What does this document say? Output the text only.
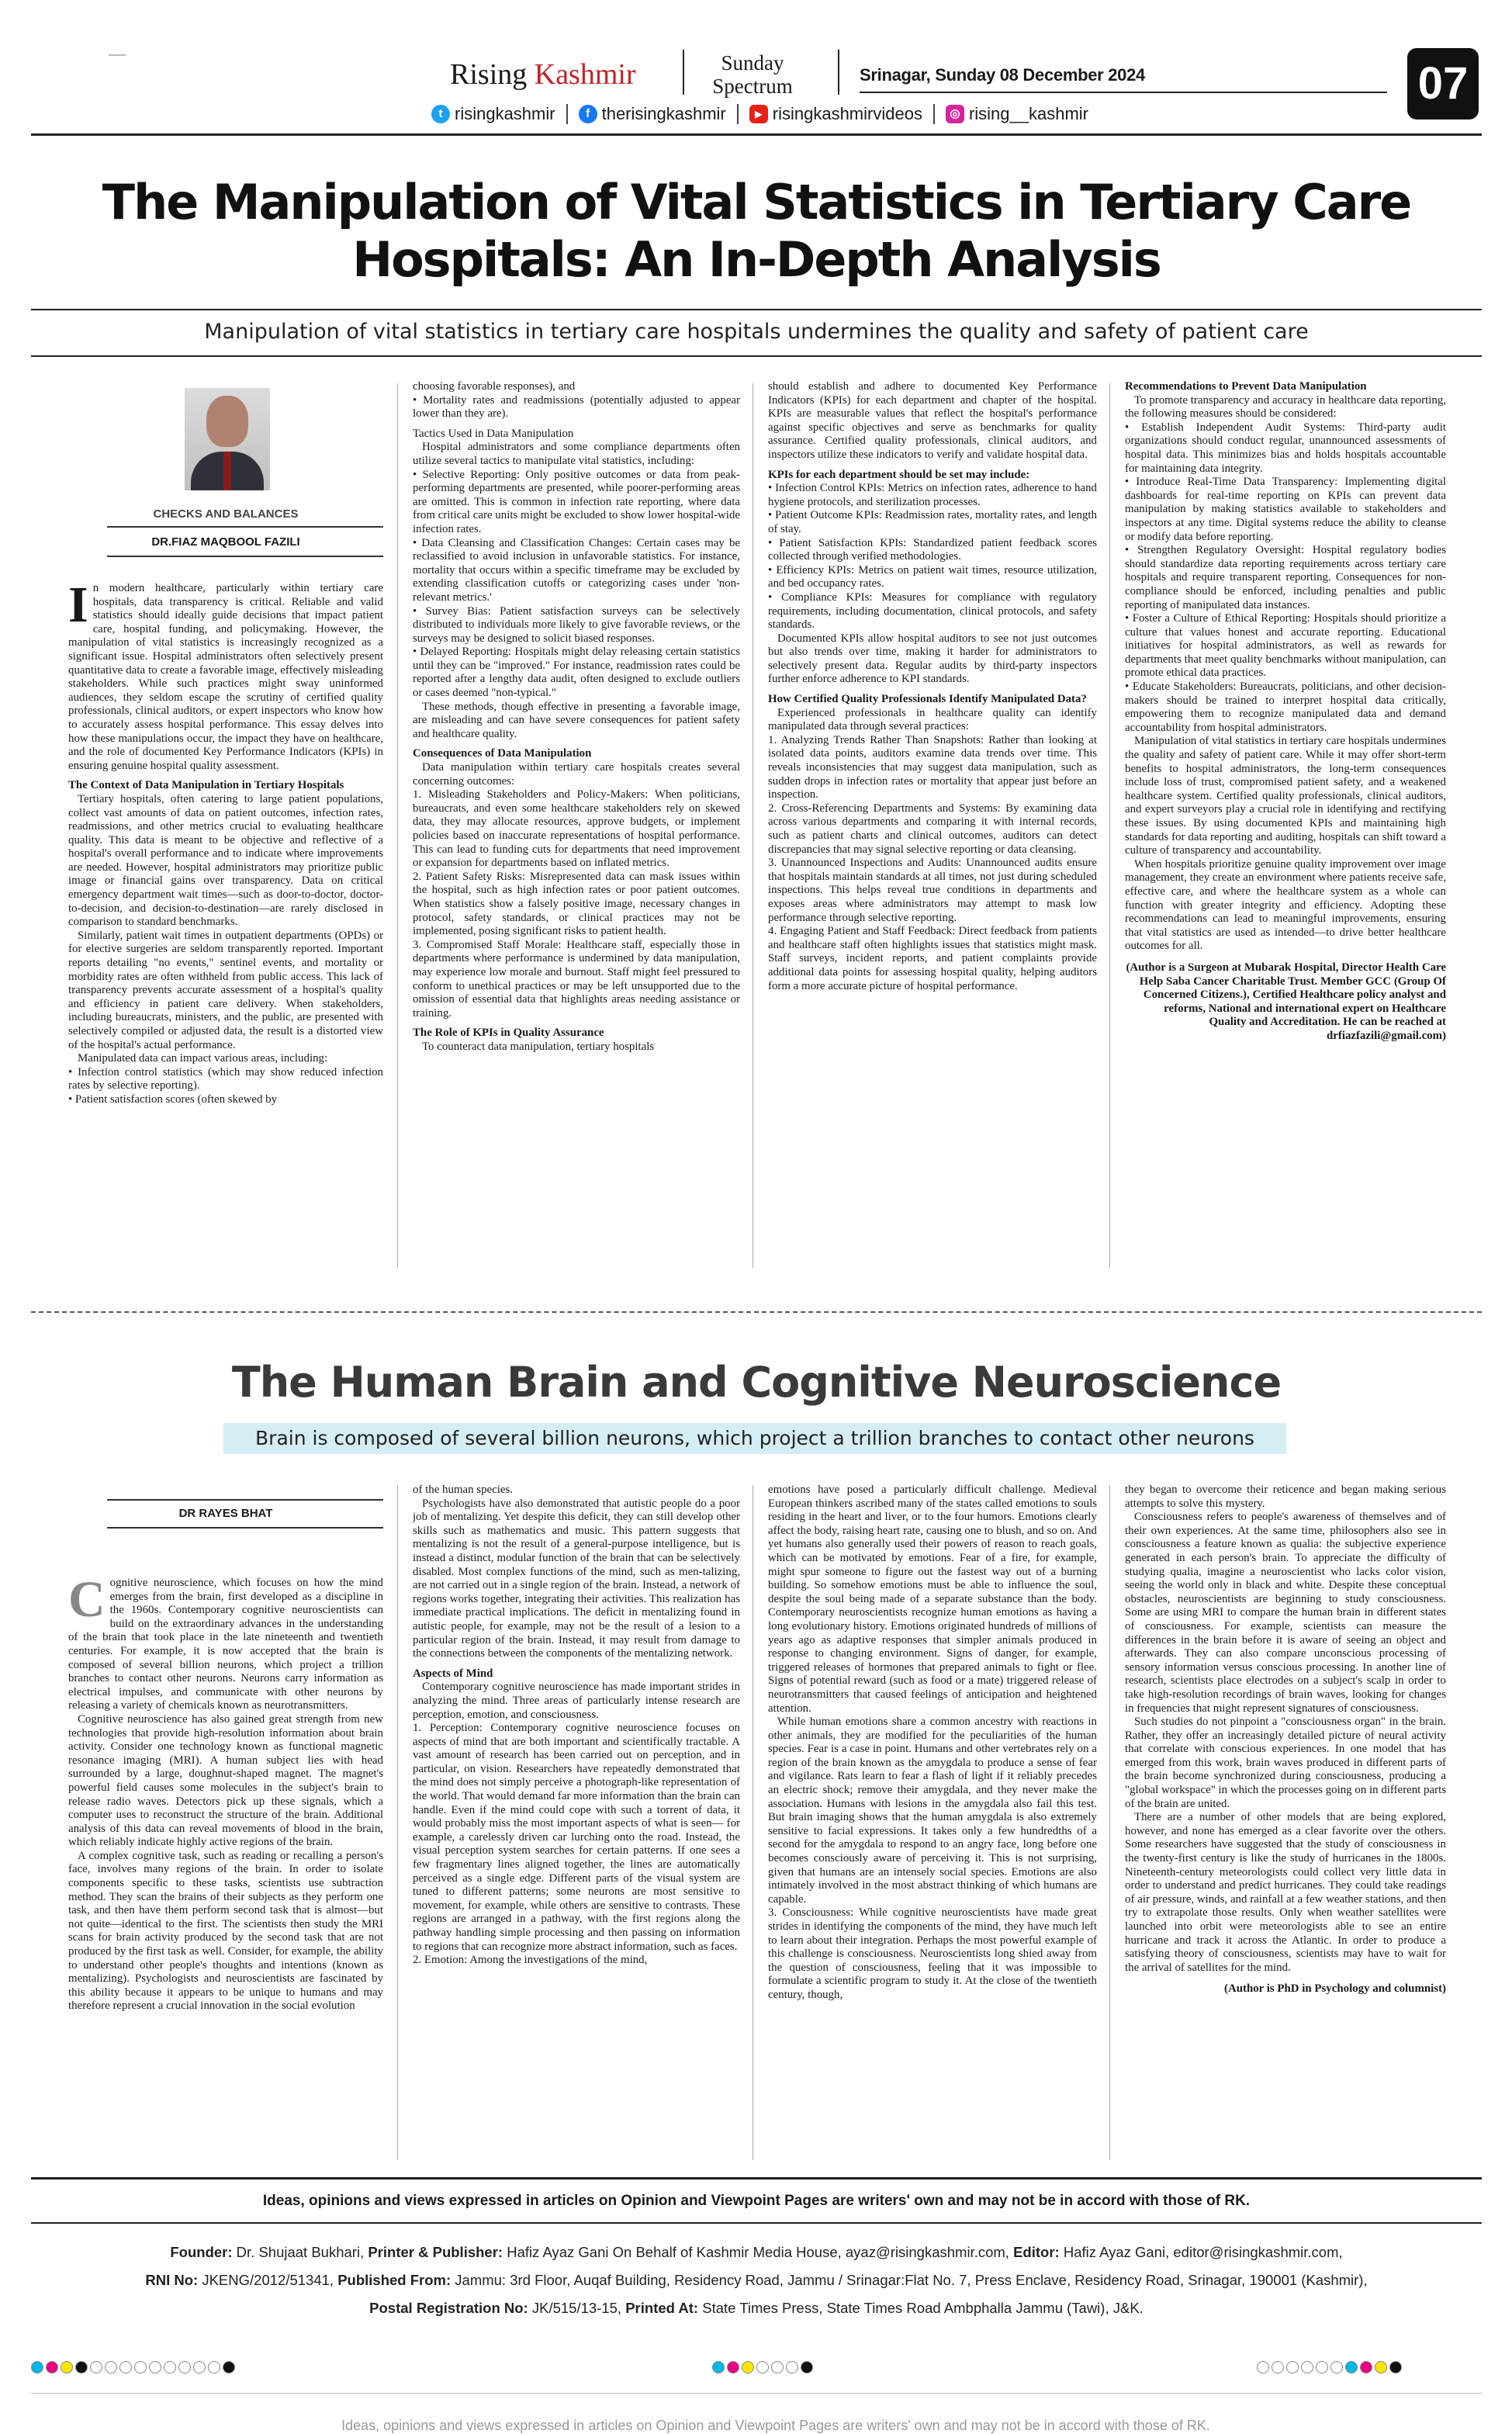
Rising Kashmir	Sunday
Spectrum	Srinagar, Sunday 08 December 2024	07
t risingkashmir	f therisingkashmir	▶ risingkashmirvideos	◎ rising__kashmir
The Manipulation of Vital Statistics in Tertiary Care
Hospitals: An In-Depth Analysis
Manipulation of vital statistics in tertiary care hospitals undermines the quality and safety of patient care
CHECKS AND BALANCES
DR.FIAZ MAQBOOL FAZILI

In modern healthcare, particularly within tertiary care hospitals, data transparency is critical. Reliable and valid statistics should ideally guide decisions that impact patient care, hospital funding, and policymaking. However, the manipulation of vital statistics is increasingly recognized as a significant issue. Hospital administrators often selectively present quantitative data to create a favorable image, effectively misleading stakeholders. While such practices might sway uninformed audiences, they seldom escape the scrutiny of certified quality professionals, clinical auditors, or expert inspectors who know how to accurately assess hospital performance. This essay delves into how these manipulations occur, the impact they have on healthcare, and the role of documented Key Performance Indicators (KPIs) in ensuring genuine hospital quality assessment.

The Context of Data Manipulation in Tertiary Hospitals

Tertiary hospitals, often catering to large patient populations, collect vast amounts of data on patient outcomes, infection rates, readmissions, and other metrics crucial to evaluating healthcare quality. This data is meant to be objective and reflective of a hospital's overall performance and to indicate where improvements are needed. However, hospital administrators may prioritize public image or financial gains over transparency. Data on critical emergency department wait times—such as door-to-doctor, doctor-to-decision, and decision-to-destination—are rarely disclosed in comparison to standard benchmarks.

Similarly, patient wait times in outpatient departments (OPDs) or for elective surgeries are seldom transparently reported. Important reports detailing "no events," sentinel events, and mortality or morbidity rates are often withheld from public access. This lack of transparency prevents accurate assessment of a hospital's quality and efficiency in patient care delivery. When stakeholders, including bureaucrats, ministers, and the public, are presented with selectively compiled or adjusted data, the result is a distorted view of the hospital's actual performance.

Manipulated data can impact various areas, including:

• Infection control statistics (which may show reduced infection rates by selective reporting).

• Patient satisfaction scores (often skewed by

choosing favorable responses), and

• Mortality rates and readmissions (potentially adjusted to appear lower than they are).

Tactics Used in Data Manipulation

Hospital administrators and some compliance departments often utilize several tactics to manipulate vital statistics, including:

• Selective Reporting: Only positive outcomes or data from peak-performing departments are presented, while poorer-performing areas are omitted. This is common in infection rate reporting, where data from critical care units might be excluded to show lower hospital-wide infection rates.

• Data Cleansing and Classification Changes: Certain cases may be reclassified to avoid inclusion in unfavorable statistics. For instance, mortality that occurs within a specific timeframe may be excluded by extending classification cutoffs or categorizing cases under 'non-relevant metrics.'

• Survey Bias: Patient satisfaction surveys can be selectively distributed to individuals more likely to give favorable reviews, or the surveys may be designed to solicit biased responses.

• Delayed Reporting: Hospitals might delay releasing certain statistics until they can be "improved." For instance, readmission rates could be reported after a lengthy data audit, often designed to exclude outliers or cases deemed "non-typical."

These methods, though effective in presenting a favorable image, are misleading and can have severe consequences for patient safety and healthcare quality.

Consequences of Data Manipulation

Data manipulation within tertiary care hospitals creates several concerning outcomes:

1. Misleading Stakeholders and Policy-Makers: When politicians, bureaucrats, and even some healthcare stakeholders rely on skewed data, they may allocate resources, approve budgets, or implement policies based on inaccurate representations of hospital performance. This can lead to funding cuts for departments that need improvement or expansion for departments based on inflated metrics.

2. Patient Safety Risks: Misrepresented data can mask issues within the hospital, such as high infection rates or poor patient outcomes. When statistics show a falsely positive image, necessary changes in protocol, safety standards, or clinical practices may not be implemented, posing significant risks to patient health.

3. Compromised Staff Morale: Healthcare staff, especially those in departments where performance is undermined by data manipulation, may experience low morale and burnout. Staff might feel pressured to conform to unethical practices or may be left unsupported due to the omission of essential data that highlights areas needing assistance or training.

The Role of KPIs in Quality Assurance

To counteract data manipulation, tertiary hospitals

should establish and adhere to documented Key Performance Indicators (KPIs) for each department and chapter of the hospital. KPIs are measurable values that reflect the hospital's performance against specific objectives and serve as benchmarks for quality assurance. Certified quality professionals, clinical auditors, and inspectors utilize these indicators to verify and validate hospital data.

KPIs for each department should be set may include:

• Infection Control KPIs: Metrics on infection rates, adherence to hand hygiene protocols, and sterilization processes.

• Patient Outcome KPIs: Readmission rates, mortality rates, and length of stay.

• Patient Satisfaction KPIs: Standardized patient feedback scores collected through verified methodologies.

• Efficiency KPIs: Metrics on patient wait times, resource utilization, and bed occupancy rates.

• Compliance KPIs: Measures for compliance with regulatory requirements, including documentation, clinical protocols, and safety standards.

Documented KPIs allow hospital auditors to see not just outcomes but also trends over time, making it harder for administrators to selectively present data. Regular audits by third-party inspectors further enforce adherence to KPI standards.

How Certified Quality Professionals Identify Manipulated Data?

Experienced professionals in healthcare quality can identify manipulated data through several practices:

1. Analyzing Trends Rather Than Snapshots: Rather than looking at isolated data points, auditors examine data trends over time. This reveals inconsistencies that may suggest data manipulation, such as sudden drops in infection rates or mortality that appear just before an inspection.

2. Cross-Referencing Departments and Systems: By examining data across various departments and comparing it with internal records, such as patient charts and clinical outcomes, auditors can detect discrepancies that may signal selective reporting or data cleansing.

3. Unannounced Inspections and Audits: Unannounced audits ensure that hospitals maintain standards at all times, not just during scheduled inspections. This helps reveal true conditions in departments and exposes areas where administrators may attempt to mask low performance through selective reporting.

4. Engaging Patient and Staff Feedback: Direct feedback from patients and healthcare staff often highlights issues that statistics might mask. Staff surveys, incident reports, and patient complaints provide additional data points for assessing hospital quality, helping auditors form a more accurate picture of hospital performance.

Recommendations to Prevent Data Manipulation

To promote transparency and accuracy in healthcare data reporting, the following measures should be considered:

• Establish Independent Audit Systems: Third-party audit organizations should conduct regular, unannounced assessments of hospital data. This minimizes bias and holds hospitals accountable for maintaining data integrity.

• Introduce Real-Time Data Transparency: Implementing digital dashboards for real-time reporting on KPIs can prevent data manipulation by making statistics available to stakeholders and inspectors at any time. Digital systems reduce the ability to cleanse or modify data before reporting.

• Strengthen Regulatory Oversight: Hospital regulatory bodies should standardize data reporting requirements across tertiary care hospitals and require transparent reporting. Consequences for non-compliance should be enforced, including penalties and public reporting of manipulated data instances.

• Foster a Culture of Ethical Reporting: Hospitals should prioritize a culture that values honest and accurate reporting. Educational initiatives for hospital administrators, as well as rewards for departments that meet quality benchmarks without manipulation, can promote ethical data practices.

• Educate Stakeholders: Bureaucrats, politicians, and other decision-makers should be trained to interpret hospital data critically, empowering them to recognize manipulated data and demand accountability from hospital administrators.

Manipulation of vital statistics in tertiary care hospitals undermines the quality and safety of patient care. While it may offer short-term benefits to hospital administrators, the long-term consequences include loss of trust, compromised patient safety, and a weakened healthcare system. Certified quality professionals, clinical auditors, and expert surveyors play a crucial role in identifying and rectifying these issues. By using documented KPIs and maintaining high standards for data reporting and auditing, hospitals can shift toward a culture of transparency and accountability.

When hospitals prioritize genuine quality improvement over image management, they create an environment where patients receive safe, effective care, and where the healthcare system as a whole can function with greater integrity and efficiency. Adopting these recommendations can lead to meaningful improvements, ensuring that vital statistics are used as intended—to drive better healthcare outcomes for all.

(Author is a Surgeon at Mubarak Hospital, Director Health Care Help Saba Cancer Charitable Trust. Member GCC (Group Of Concerned Citizens.), Certified Healthcare policy analyst and reforms, National and international expert on Healthcare Quality and Accreditation. He can be reached at drfiazfazili@gmail.com)

The Human Brain and Cognitive Neuroscience
Brain is composed of several billion neurons, which project a trillion branches to contact other neurons
DR RAYES BHAT

Cognitive neuroscience, which focuses on how the mind emerges from the brain, first developed as a discipline in the 1960s. Contemporary cognitive neuroscientists can build on the extraordinary advances in the understanding of the brain that took place in the late nineteenth and twentieth centuries. For example, it is now accepted that the brain is composed of several billion neurons, which project a trillion branches to contact other neurons. Neurons carry information as electrical impulses, and communicate with other neurons by releasing a variety of chemicals known as neurotransmitters.

Cognitive neuroscience has also gained great strength from new technologies that provide high-resolution information about brain activity. Consider one technology known as functional magnetic resonance imaging (MRI). A human subject lies with head surrounded by a large, doughnut-shaped magnet. The magnet's powerful field causes some molecules in the subject's brain to release radio waves. Detectors pick up these signals, which a computer uses to reconstruct the structure of the brain. Additional analysis of this data can reveal movements of blood in the brain, which reliably indicate highly active regions of the brain.

A complex cognitive task, such as reading or recalling a person's face, involves many regions of the brain. In order to isolate components specific to these tasks, scientists use subtraction method. They scan the brains of their subjects as they perform one task, and then have them perform second task that is almost—but not quite—identical to the first. The scientists then study the MRI scans for brain activity produced by the second task that are not produced by the first task as well. Consider, for example, the ability to understand other people's thoughts and intentions (known as mentalizing). Psychologists and neuroscientists are fascinated by this ability because it appears to be unique to humans and may therefore represent a crucial innovation in the social evolution

of the human species.

Psychologists have also demonstrated that autistic people do a poor job of mentalizing. Yet despite this deficit, they can still develop other skills such as mathematics and music. This pattern suggests that mentalizing is not the result of a general-purpose intelligence, but is instead a distinct, modular function of the brain that can be selectively disabled. Most complex functions of the mind, such as men-talizing, are not carried out in a single region of the brain. Instead, a network of regions works together, integrating their activities. This realization has immediate practical implications. The deficit in mentalizing found in autistic people, for example, may not be the result of a lesion to a particular region of the brain. Instead, it may result from damage to the connections between the components of the mentalizing network.

Aspects of Mind

Contemporary cognitive neuroscience has made important strides in analyzing the mind. Three areas of particularly intense research are perception, emotion, and consciousness.

1. Perception: Contemporary cognitive neuroscience focuses on aspects of mind that are both important and scientifically tractable. A vast amount of research has been carried out on perception, and in particular, on vision. Researchers have repeatedly demonstrated that the mind does not simply perceive a photograph-like representation of the world. That would demand far more information than the brain can handle. Even if the mind could cope with such a torrent of data, it would probably miss the most important aspects of what is seen— for example, a carelessly driven car lurching onto the road. Instead, the visual perception system searches for certain patterns. If one sees a few fragmentary lines aligned together, the lines are automatically perceived as a single edge. Different parts of the visual system are tuned to different patterns; some neurons are most sensitive to movement, for example, while others are sensitive to contrasts. These regions are arranged in a pathway, with the first regions along the pathway handling simple processing and then passing on information to regions that can recognize more abstract information, such as faces.

2. Emotion: Among the investigations of the mind,

emotions have posed a particularly difficult challenge. Medieval European thinkers ascribed many of the states called emotions to souls residing in the heart and liver, or to the four humors. Emotions clearly affect the body, raising heart rate, causing one to blush, and so on. And yet humans also generally used their powers of reason to reach goals, which can be motivated by emotions. Fear of a fire, for example, might spur someone to figure out the fastest way out of a burning building. So somehow emotions must be able to influence the soul, despite the soul being made of a separate substance than the body. Contemporary neuroscientists recognize human emotions as having a long evolutionary history. Emotions originated hundreds of millions of years ago as adaptive responses that simpler animals produced in response to changing environment. Signs of danger, for example, triggered releases of hormones that prepared animals to fight or flee. Signs of potential reward (such as food or a mate) triggered release of neurotransmitters that caused feelings of anticipation and heightened attention.

While human emotions share a common ancestry with reactions in other animals, they are modified for the peculiarities of the human species. Fear is a case in point. Humans and other vertebrates rely on a region of the brain known as the amygdala to produce a sense of fear and vigilance. Rats learn to fear a flash of light if it reliably precedes an electric shock; remove their amygdala, and they never make the association. Humans with lesions in the amygdala also fail this test. But brain imaging shows that the human amygdala is also extremely sensitive to facial expressions. It takes only a few hundredths of a second for the amygdala to respond to an angry face, long before one becomes consciously aware of perceiving it. This is not surprising, given that humans are an intensely social species. Emotions are also intimately involved in the most abstract thinking of which humans are capable.

3. Consciousness: While cognitive neuroscientists have made great strides in identifying the components of the mind, they have much left to learn about their integration. Perhaps the most powerful example of this challenge is consciousness. Neuroscientists long shied away from the question of consciousness, feeling that it was impossible to formulate a scientific program to study it. At the close of the twentieth century, though,

they began to overcome their reticence and began making serious attempts to solve this mystery.

Consciousness refers to people's awareness of themselves and of their own experiences. At the same time, philosophers also see in consciousness a feature known as qualia: the subjective experience generated in each person's brain. To appreciate the difficulty of studying qualia, imagine a neuroscientist who lacks color vision, seeing the world only in black and white. Despite these conceptual obstacles, neuroscientists are beginning to study consciousness. Some are using MRI to compare the human brain in different states of consciousness. For example, scientists can measure the differences in the brain before it is aware of seeing an object and afterwards. They can also compare unconscious processing of sensory information versus conscious processing. In another line of research, scientists place electrodes on a subject's scalp in order to take high-resolution recordings of brain waves, looking for changes in frequencies that might represent signatures of consciousness.

Such studies do not pinpoint a "consciousness organ" in the brain. Rather, they offer an increasingly detailed picture of neural activity that correlate with conscious experiences. In one model that has emerged from this work, brain waves produced in different parts of the brain become synchronized during consciousness, producing a "global workspace" in which the processes going on in different parts of the brain are united.

There are a number of other models that are being explored, however, and none has emerged as a clear favorite over the others. Some researchers have suggested that the study of consciousness in the twenty-first century is like the study of hurricanes in the 1800s. Nineteenth-century meteorologists could collect very little data in order to understand and predict hurricanes. They could take readings of air pressure, winds, and rainfall at a few weather stations, and then try to extrapolate those results. Only when weather satellites were launched into orbit were meteorologists able to see an entire hurricane and track it across the Atlantic. In order to produce a satisfying theory of consciousness, scientists may have to wait for the arrival of satellites for the mind.

(Author is PhD in Psychology and columnist)

Ideas, opinions and views expressed in articles on Opinion and Viewpoint Pages are writers' own and may not be in accord with those of RK.
Founder: Dr. Shujaat Bukhari, Printer & Publisher: Hafiz Ayaz Gani On Behalf of Kashmir Media House, ayaz@risingkashmir.com, Editor: Hafiz Ayaz Gani, editor@risingkashmir.com,
RNI No: JKENG/2012/51341, Published From: Jammu: 3rd Floor, Auqaf Building, Residency Road, Jammu / Srinagar:Flat No. 7, Press Enclave, Residency Road, Srinagar, 190001 (Kashmir),
Postal Registration No: JK/515/13-15, Printed At: State Times Press, State Times Road Ambphalla Jammu (Tawi), J&K.
Ideas, opinions and views expressed in articles on Opinion and Viewpoint Pages are writers' own and may not be in accord with those of RK.
